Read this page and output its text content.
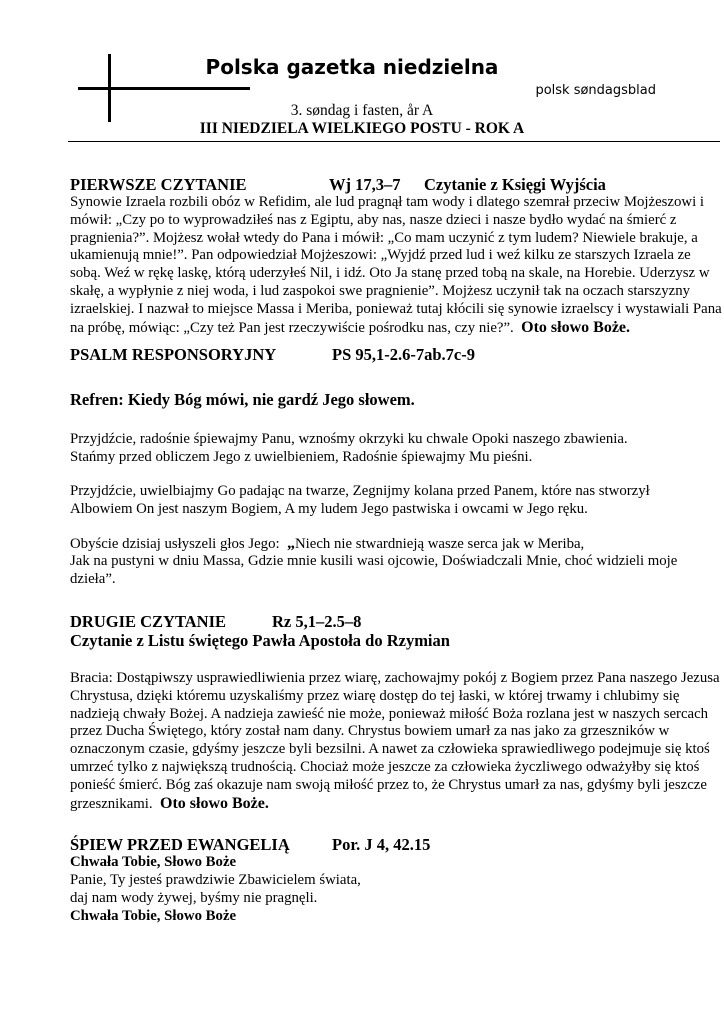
Polska gazetka niedzielna
polsk søndagsblad
3. søndag i fasten, år A
III NIEDZIELA WIELKIEGO POSTU - ROK A
PIERWSZE CZYTANIE	Wj 17,3–7 Czytanie z Księgi Wyjścia

Synowie Izraela rozbili obóz w Refidim, ale lud pragnął tam wody i dlatego szemrał przeciw Mojżeszowi i mówił: „Czy po to wyprowadziłeś nas z Egiptu, aby nas, nasze dzieci i nasze bydło wydać na śmierć z pragnienia?”. Mojżesz wołał wtedy do Pana i mówił: „Co mam uczynić z tym ludem? Niewiele brakuje, a ukamienują mnie!”. Pan odpowiedział Mojżeszowi: „Wyjdź przed lud i weź kilku ze starszych Izraela ze sobą. Weź w rękę laskę, którą uderzyłeś Nil, i idź. Oto Ja stanę przed tobą na skale, na Horebie. Uderzysz w skałę, a wypłynie z niej woda, i lud zaspokoi swe pragnienie”. Mojżesz uczynił tak na oczach starszyzny izraelskiej. I nazwał to miejsce Massa i Meriba, ponieważ tutaj kłócili się synowie izraelscy i wystawiali Pana na próbę, mówiąc: „Czy też Pan jest rzeczywiście pośrodku nas, czy nie?”. Oto słowo Boże.

PSALM RESPONSORYJNY	PS 95,1-2.6-7ab.7c-9
Refren: Kiedy Bóg mówi, nie gardź Jego słowem.
Przyjdźcie, radośnie śpiewajmy Panu, wznośmy okrzyki ku chwale Opoki naszego zbawienia.
Stańmy przed obliczem Jego z uwielbieniem, Radośnie śpiewajmy Mu pieśni.
Przyjdźcie, uwielbiajmy Go padając na twarze, Zegnijmy kolana przed Panem, które nas stworzył
Albowiem On jest naszym Bogiem, A my ludem Jego pastwiska i owcami w Jego ręku.
Obyście dzisiaj usłyszeli głos Jego: „Niech nie stwardnieją wasze serca jak w Meriba,
Jak na pustyni w dniu Massa, Gdzie mnie kusili wasi ojcowie, Doświadczali Mnie, choć widzieli moje dzieła”.
DRUGIE CZYTANIE	Rz 5,1–2.5–8
Czytanie z Listu świętego Pawła Apostoła do Rzymian

Bracia: Dostąpiwszy usprawiedliwienia przez wiarę, zachowajmy pokój z Bogiem przez Pana naszego Jezusa Chrystusa, dzięki któremu uzyskaliśmy przez wiarę dostęp do tej łaski, w której trwamy i chlubimy się nadzieją chwały Bożej. A nadzieja zawieść nie może, ponieważ miłość Boża rozlana jest w naszych sercach przez Ducha Świętego, który został nam dany. Chrystus bowiem umarł za nas jako za grzeszników w oznaczonym czasie, gdyśmy jeszcze byli bezsilni. A nawet za człowieka sprawiedliwego podejmuje się ktoś umrzeć tylko z największą trudnością. Chociaż może jeszcze za człowieka życzliwego odważyłby się ktoś ponieść śmierć. Bóg zaś okazuje nam swoją miłość przez to, że Chrystus umarł za nas, gdyśmy byli jeszcze grzesznikami. Oto słowo Boże.

ŚPIEW PRZED EWANGELIĄ	Por. J 4, 42.15
Chwała Tobie, Słowo Boże
Panie, Ty jesteś prawdziwie Zbawicielem świata,
daj nam wody żywej, byśmy nie pragnęli.
Chwała Tobie, Słowo Boże
